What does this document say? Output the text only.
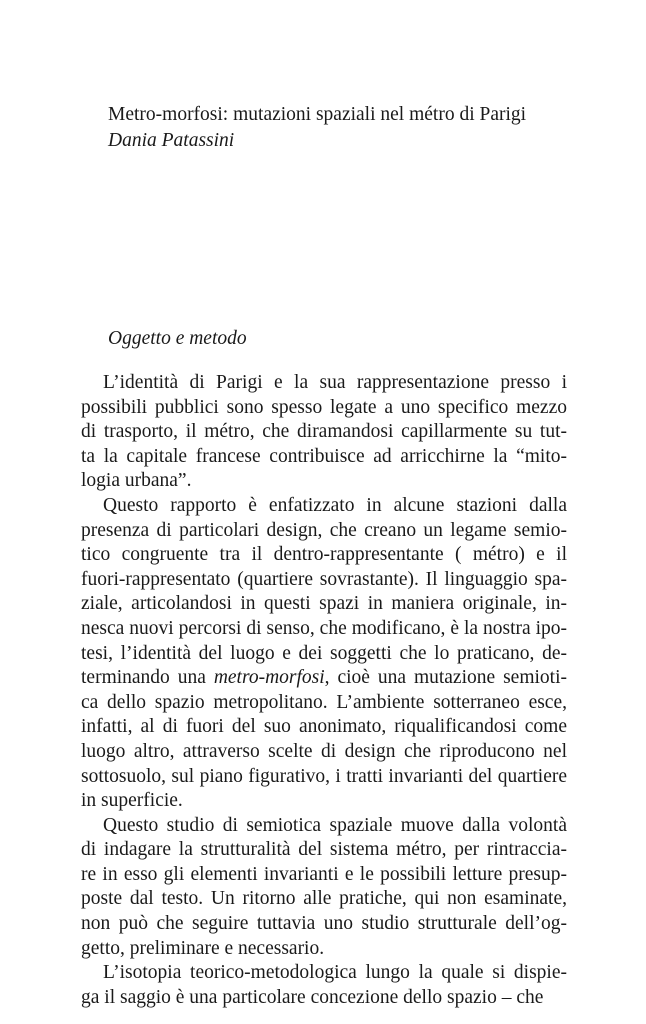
Metro-morfosi: mutazioni spaziali nel métro di Parigi
Dania Patassini
Oggetto e metodo
L’identità di Parigi e la sua rappresentazione presso i
possibili pubblici sono spesso legate a uno specifico mezzo
di trasporto, il métro, che diramandosi capillarmente su tut-
ta la capitale francese contribuisce ad arricchirne la “mito-
logia urbana”.
Questo rapporto è enfatizzato in alcune stazioni dalla
presenza di particolari design, che creano un legame semio-
tico congruente tra il dentro-rappresentante ( métro) e il
fuori-rappresentato (quartiere sovrastante). Il linguaggio spa-
ziale, articolandosi in questi spazi in maniera originale, in-
nesca nuovi percorsi di senso, che modificano, è la nostra ipo-
tesi, l’identità del luogo e dei soggetti che lo praticano, de-
terminando una metro-morfosi, cioè una mutazione semioti-
ca dello spazio metropolitano. L’ambiente sotterraneo esce,
infatti, al di fuori del suo anonimato, riqualificandosi come
luogo altro, attraverso scelte di design che riproducono nel
sottosuolo, sul piano figurativo, i tratti invarianti del quartiere
in superficie.
Questo studio di semiotica spaziale muove dalla volontà
di indagare la strutturalità del sistema métro, per rintraccia-
re in esso gli elementi invarianti e le possibili letture presup-
poste dal testo. Un ritorno alle pratiche, qui non esaminate,
non può che seguire tuttavia uno studio strutturale dell’og-
getto, preliminare e necessario.
L’isotopia teorico-metodologica lungo la quale si dispie-
ga il saggio è una particolare concezione dello spazio – che
